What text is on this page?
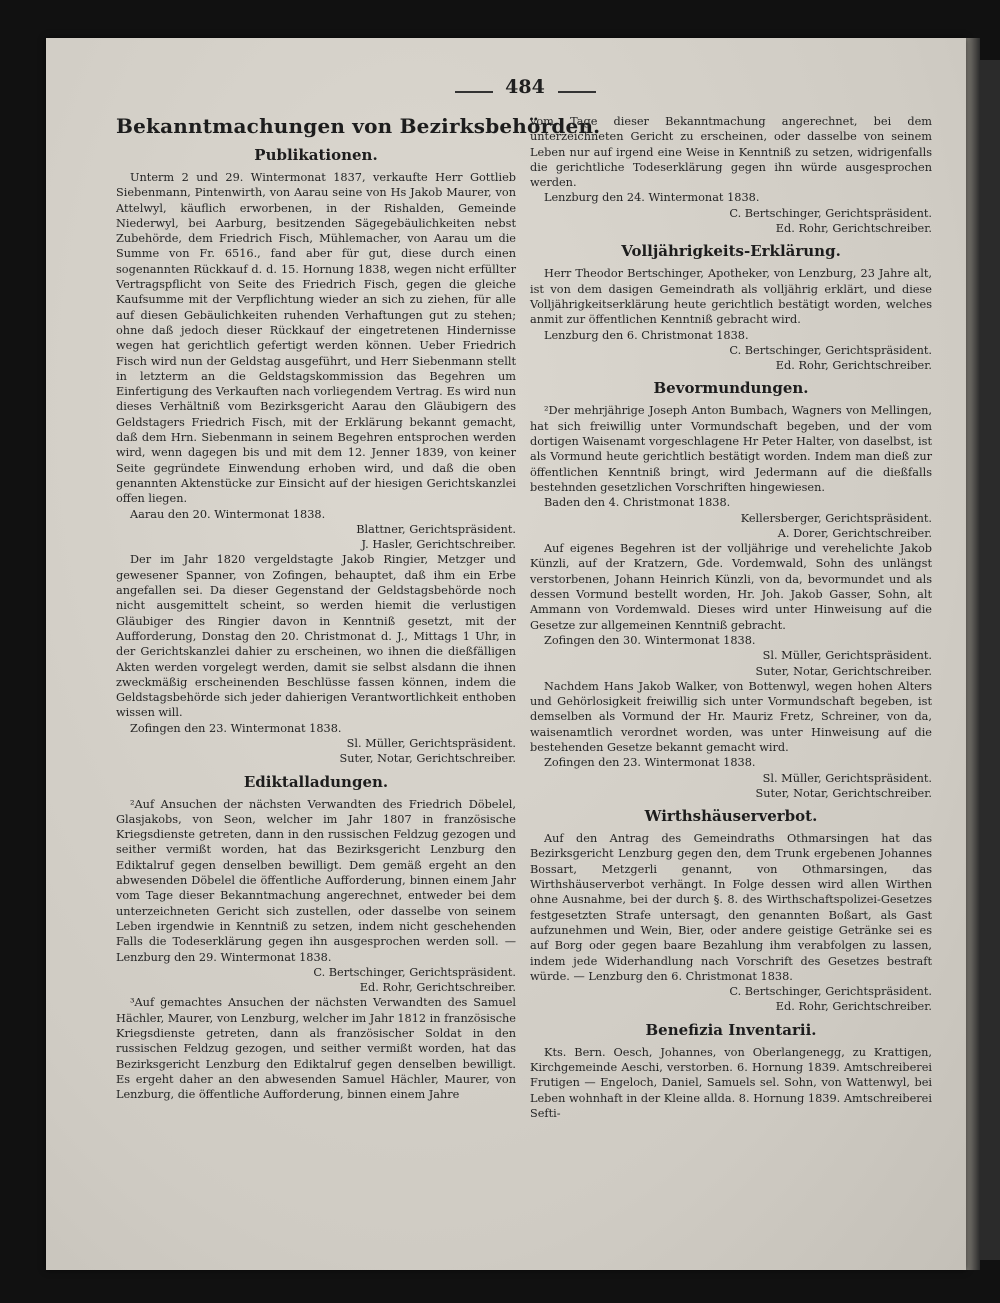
484
Bekanntmachungen von Bezirksbehörden.
Publikationen.

Unterm 2 und 29. Wintermonat 1837, verkaufte Herr Gottlieb Siebenmann, Pintenwirth, von Aarau seine von Hs Jakob Maurer, von Attelwyl, käuflich erworbenen, in der Rishalden, Gemeinde Niederwyl, bei Aarburg, besitzenden Sägegebäulichkeiten nebst Zubehörde, dem Friedrich Fisch, Mühlemacher, von Aarau um die Summe von Fr. 6516., fand aber für gut, diese durch einen sogenannten Rückkauf d. d. 15. Hornung 1838, wegen nicht erfüllter Vertragspflicht von Seite des Friedrich Fisch, gegen die gleiche Kaufsumme mit der Verpflichtung wieder an sich zu ziehen, für alle auf diesen Gebäulichkeiten ruhenden Verhaftungen gut zu stehen; ohne daß jedoch dieser Rückkauf der eingetretenen Hindernisse wegen hat gerichtlich gefertigt werden können. Ueber Friedrich Fisch wird nun der Geldstag ausgeführt, und Herr Siebenmann stellt in letzterm an die Geldstagskommission das Begehren um Einfertigung des Verkauften nach vorliegendem Vertrag. Es wird nun dieses Verhältniß vom Bezirksgericht Aarau den Gläubigern des Geldstagers Friedrich Fisch, mit der Erklärung bekannt gemacht, daß dem Hrn. Siebenmann in seinem Begehren entsprochen werden wird, wenn dagegen bis und mit dem 12. Jenner 1839, von keiner Seite gegründete Einwendung erhoben wird, und daß die oben genannten Aktenstücke zur Einsicht auf der hiesigen Gerichtskanzlei offen liegen.

Aarau den 20. Wintermonat 1838.

Blattner, Gerichtspräsident.

J. Hasler, Gerichtschreiber.

Der im Jahr 1820 vergeldstagte Jakob Ringier, Metzger und gewesener Spanner, von Zofingen, behauptet, daß ihm ein Erbe angefallen sei. Da dieser Gegenstand der Geldstagsbehörde noch nicht ausgemittelt scheint, so werden hiemit die verlustigen Gläubiger des Ringier davon in Kenntniß gesetzt, mit der Aufforderung, Donstag den 20. Christmonat d. J., Mittags 1 Uhr, in der Gerichtskanzlei dahier zu erscheinen, wo ihnen die dießfälligen Akten werden vorgelegt werden, damit sie selbst alsdann die ihnen zweckmäßig erscheinenden Beschlüsse fassen können, indem die Geldstagsbehörde sich jeder dahierigen Verantwortlichkeit enthoben wissen will.

Zofingen den 23. Wintermonat 1838.

Sl. Müller, Gerichtspräsident.

Suter, Notar, Gerichtschreiber.

Ediktalladungen.

²Auf Ansuchen der nächsten Verwandten des Friedrich Döbelel, Glasjakobs, von Seon, welcher im Jahr 1807 in französische Kriegsdienste getreten, dann in den russischen Feldzug gezogen und seither vermißt worden, hat das Bezirksgericht Lenzburg den Ediktalruf gegen denselben bewilligt. Dem gemäß ergeht an den abwesenden Döbelel die öffentliche Aufforderung, binnen einem Jahr vom Tage dieser Bekanntmachung angerechnet, entweder bei dem unterzeichneten Gericht sich zustellen, oder dasselbe von seinem Leben irgendwie in Kenntniß zu setzen, indem nicht geschehenden Falls die Todeserklärung gegen ihn ausgesprochen werden soll. — Lenzburg den 29. Wintermonat 1838.

C. Bertschinger, Gerichtspräsident.

Ed. Rohr, Gerichtschreiber.

³Auf gemachtes Ansuchen der nächsten Verwandten des Samuel Hächler, Maurer, von Lenzburg, welcher im Jahr 1812 in französische Kriegsdienste getreten, dann als französischer Soldat in den russischen Feldzug gezogen, und seither vermißt worden, hat das Bezirksgericht Lenzburg den Ediktalruf gegen denselben bewilligt. Es ergeht daher an den abwesenden Samuel Hächler, Maurer, von Lenzburg, die öffentliche Aufforderung, binnen einem Jahre

vom Tage dieser Bekanntmachung angerechnet, bei dem unterzeichneten Gericht zu erscheinen, oder dasselbe von seinem Leben nur auf irgend eine Weise in Kenntniß zu setzen, widrigenfalls die gerichtliche Todeserklärung gegen ihn würde ausgesprochen werden.

Lenzburg den 24. Wintermonat 1838.

C. Bertschinger, Gerichtspräsident.

Ed. Rohr, Gerichtschreiber.

Volljährigkeits-Erklärung.

Herr Theodor Bertschinger, Apotheker, von Lenzburg, 23 Jahre alt, ist von dem dasigen Gemeindrath als volljährig erklärt, und diese Volljährigkeitserklärung heute gerichtlich bestätigt worden, welches anmit zur öffentlichen Kenntniß gebracht wird.

Lenzburg den 6. Christmonat 1838.

C. Bertschinger, Gerichtspräsident.

Ed. Rohr, Gerichtschreiber.

Bevormundungen.

²Der mehrjährige Joseph Anton Bumbach, Wagners von Mellingen, hat sich freiwillig unter Vormundschaft begeben, und der vom dortigen Waisenamt vorgeschlagene Hr Peter Halter, von daselbst, ist als Vormund heute gerichtlich bestätigt worden. Indem man dieß zur öffentlichen Kenntniß bringt, wird Jedermann auf die dießfalls bestehnden gesetzlichen Vorschriften hingewiesen.

Baden den 4. Christmonat 1838.

Kellersberger, Gerichtspräsident.

A. Dorer, Gerichtschreiber.

Auf eigenes Begehren ist der volljährige und verehelichte Jakob Künzli, auf der Kratzern, Gde. Vordemwald, Sohn des unlängst verstorbenen, Johann Heinrich Künzli, von da, bevormundet und als dessen Vormund bestellt worden, Hr. Joh. Jakob Gasser, Sohn, alt Ammann von Vordemwald. Dieses wird unter Hinweisung auf die Gesetze zur allgemeinen Kenntniß gebracht.

Zofingen den 30. Wintermonat 1838.

Sl. Müller, Gerichtspräsident.

Suter, Notar, Gerichtschreiber.

Nachdem Hans Jakob Walker, von Bottenwyl, wegen hohen Alters und Gehörlosigkeit freiwillig sich unter Vormundschaft begeben, ist demselben als Vormund der Hr. Mauriz Fretz, Schreiner, von da, waisenamtlich verordnet worden, was unter Hinweisung auf die bestehenden Gesetze bekannt gemacht wird.

Zofingen den 23. Wintermonat 1838.

Sl. Müller, Gerichtspräsident.

Suter, Notar, Gerichtschreiber.

Wirthshäuserverbot.

Auf den Antrag des Gemeindraths Othmarsingen hat das Bezirksgericht Lenzburg gegen den, dem Trunk ergebenen Johannes Bossart, Metzgerli genannt, von Othmarsingen, das Wirthshäuserverbot verhängt. In Folge dessen wird allen Wirthen ohne Ausnahme, bei der durch §. 8. des Wirthschaftspolizei-Gesetzes festgesetzten Strafe untersagt, den genannten Boßart, als Gast aufzunehmen und Wein, Bier, oder andere geistige Getränke sei es auf Borg oder gegen baare Bezahlung ihm verabfolgen zu lassen, indem jede Widerhandlung nach Vorschrift des Gesetzes bestraft würde. — Lenzburg den 6. Christmonat 1838.

C. Bertschinger, Gerichtspräsident.

Ed. Rohr, Gerichtschreiber.

Benefizia Inventarii.

Kts. Bern. Oesch, Johannes, von Oberlangenegg, zu Krattigen, Kirchgemeinde Aeschi, verstorben. 6. Hornung 1839. Amtschreiberei Frutigen — Engeloch, Daniel, Samuels sel. Sohn, von Wattenwyl, bei Leben wohnhaft in der Kleine allda. 8. Hornung 1839. Amtschreiberei Sefti-
